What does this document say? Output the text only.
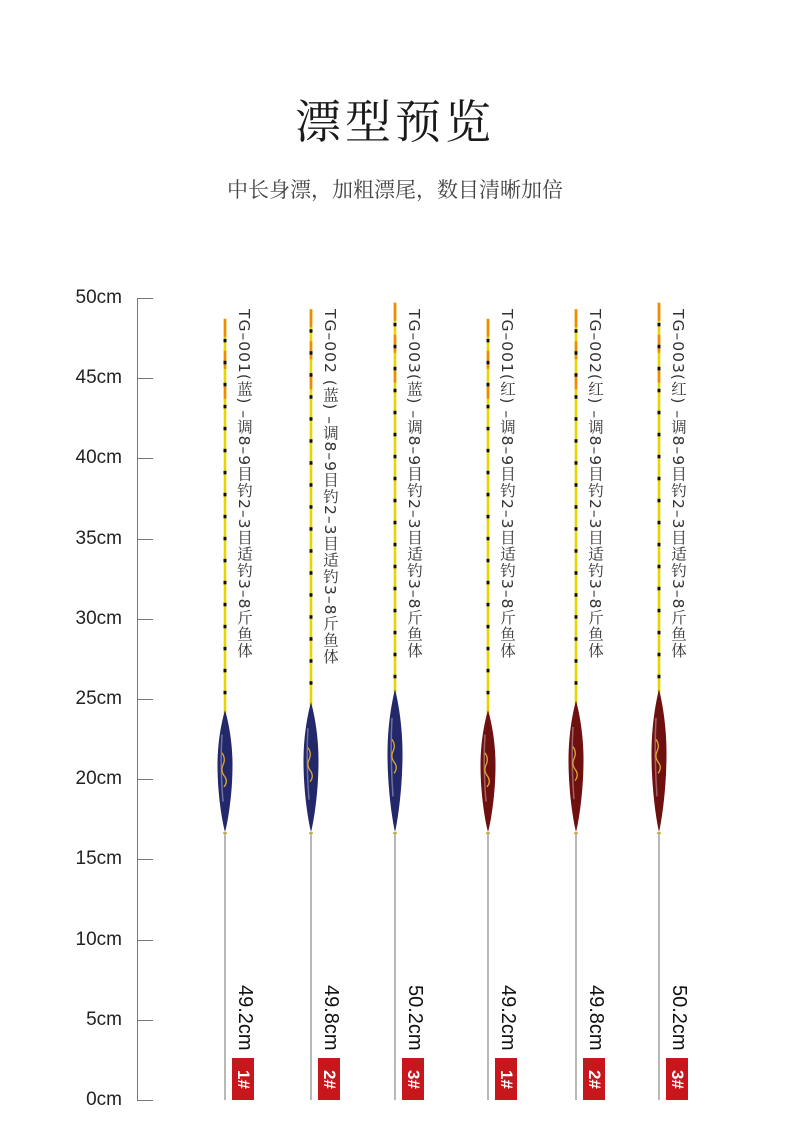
漂型预览
中长身漂，加粗漂尾，数目清晰加倍
50cm
45cm
40cm
35cm
30cm
25cm
20cm
15cm
10cm
5cm
0cm
TG–001(蓝) –调8–9目钓2–3目适钓3–8斤鱼体
49.2cm
1#
TG–002 (蓝) –调8–9目钓2–3目适钓3–8斤鱼体
49.8cm
2#
TG–003(蓝) –调8–9目钓2–3目适钓3–8斤鱼体
50.2cm
3#
TG–001(红) –调8–9目钓2–3目适钓3–8斤鱼体
49.2cm
1#
TG–002(红) –调8–9目钓2–3目适钓3–8斤鱼体
49.8cm
2#
TG–003(红) –调8–9目钓2–3目适钓3–8斤鱼体
50.2cm
3#
